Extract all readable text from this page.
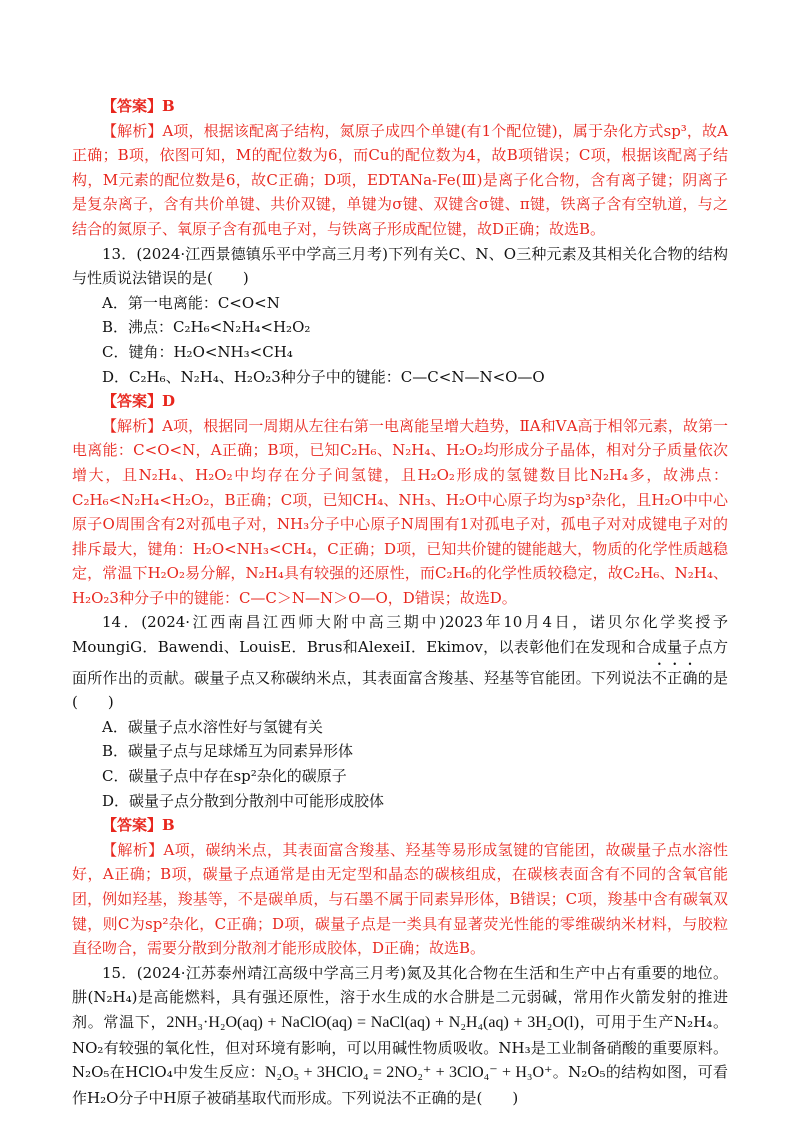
【答案】B

【解析】A项，根据该配离子结构，氮原子成四个单键(有1个配位键)，属于杂化方式sp³，故A正确；B项，依图可知，M的配位数为6，而Cu的配位数为4，故B项错误；C项，根据该配离子结构，M元素的配位数是6，故C正确；D项，EDTANa-Fe(Ⅲ)是离子化合物，含有离子键；阴离子是复杂离子，含有共价单键、共价双键，单键为σ键、双键含σ键、π键，铁离子含有空轨道，与之结合的氮原子、氧原子含有孤电子对，与铁离子形成配位键，故D正确；故选B。

13．(2024·江西景德镇乐平中学高三月考)下列有关C、N、O三种元素及其相关化合物的结构与性质说法错误的是(　　)

A．第一电离能：C<O<N

B．沸点：C₂H₆<N₂H₄<H₂O₂

C．键角：H₂O<NH₃<CH₄

D．C₂H₆、N₂H₄、H₂O₂3种分子中的键能：C—C<N—N<O—O

【答案】D

【解析】A项，根据同一周期从左往右第一电离能呈增大趋势，ⅡA和ⅤA高于相邻元素，故第一电离能：C<O<N，A正确；B项，已知C₂H₆、N₂H₄、H₂O₂均形成分子晶体，相对分子质量依次增大，且N₂H₄、H₂O₂中均存在分子间氢键，且H₂O₂形成的氢键数目比N₂H₄多，故沸点：C₂H₆<N₂H₄<H₂O₂，B正确；C项，已知CH₄、NH₃、H₂O中心原子均为sp³杂化，且H₂O中中心原子O周围含有2对孤电子对，NH₃分子中心原子N周围有1对孤电子对，孤电子对对成键电子对的排斥最大，键角：H₂O<NH₃<CH₄，C正确；D项，已知共价键的键能越大，物质的化学性质越稳定，常温下H₂O₂易分解，N₂H₄具有较强的还原性，而C₂H₆的化学性质较稳定，故C₂H₆、N₂H₄、H₂O₂3种分子中的键能：C—C＞N—N＞O—O，D错误；故选D。

14．(2024·江西南昌江西师大附中高三期中)2023年10月4日，诺贝尔化学奖授予MoungiG．Bawendi、LouisE．Brus和AlexeiI．Ekimov，以表彰他们在发现和合成量子点方面所作出的贡献。碳量子点又称碳纳米点，其表面富含羧基、羟基等官能团。下列说法不正确的是(　　)

A．碳量子点水溶性好与氢键有关

B．碳量子点与足球烯互为同素异形体

C．碳量子点中存在sp²杂化的碳原子

D．碳量子点分散到分散剂中可能形成胶体

【答案】B

【解析】A项，碳纳米点，其表面富含羧基、羟基等易形成氢键的官能团，故碳量子点水溶性好，A正确；B项，碳量子点通常是由无定型和晶态的碳核组成，在碳核表面含有不同的含氧官能团，例如羟基，羧基等，不是碳单质，与石墨不属于同素异形体，B错误；C项，羧基中含有碳氧双键，则C为sp²杂化，C正确；D项，碳量子点是一类具有显著荧光性能的零维碳纳米材料，与胶粒直径吻合，需要分散到分散剂才能形成胶体，D正确；故选B。

15．(2024·江苏泰州靖江高级中学高三月考)氮及其化合物在生活和生产中占有重要的地位。肼(N₂H₄)是高能燃料，具有强还原性，溶于水生成的水合肼是二元弱碱，常用作火箭发射的推进剂。常温下，2NH₃·H₂O(aq) + NaClO(aq) = NaCl(aq) + N₂H₄(aq) + 3H₂O(l)，可用于生产N₂H₄。NO₂有较强的氧化性，但对环境有影响，可以用碱性物质吸收。NH₃是工业制备硝酸的重要原料。N₂O₅在HClO₄中发生反应：N₂O₅ + 3HClO₄ = 2NO₂⁺ + 3ClO₄⁻ + H₃O⁺。N₂O₅的结构如图，可看作H₂O分子中H原子被硝基取代而形成。下列说法不正确的是(　　)
